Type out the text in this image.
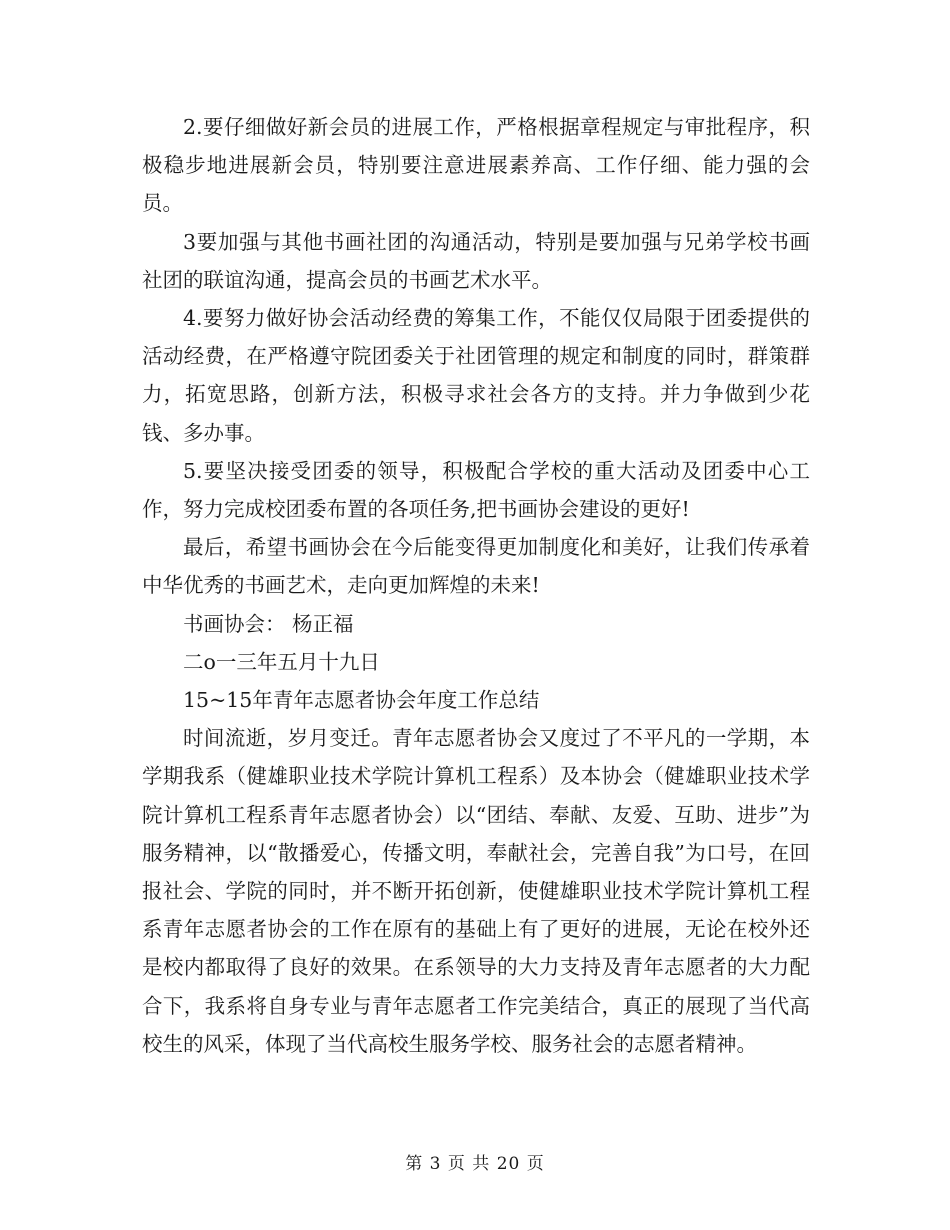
2.要仔细做好新会员的进展工作，严格根据章程规定与审批程序，积极稳步地进展新会员，特别要注意进展素养高、工作仔细、能力强的会员。

3要加强与其他书画社团的沟通活动，特别是要加强与兄弟学校书画社团的联谊沟通，提高会员的书画艺术水平。

4.要努力做好协会活动经费的筹集工作，不能仅仅局限于团委提供的活动经费，在严格遵守院团委关于社团管理的规定和制度的同时，群策群力，拓宽思路，创新方法，积极寻求社会各方的支持。并力争做到少花钱、多办事。

5.要坚决接受团委的领导，积极配合学校的重大活动及团委中心工作，努力完成校团委布置的各项任务,把书画协会建设的更好!

最后，希望书画协会在今后能变得更加制度化和美好，让我们传承着中华优秀的书画艺术，走向更加辉煌的未来!

书画协会： 杨正福

二o一三年五月十九日

15~15年青年志愿者协会年度工作总结

时间流逝，岁月变迁。青年志愿者协会又度过了不平凡的一学期，本学期我系（健雄职业技术学院计算机工程系）及本协会（健雄职业技术学院计算机工程系青年志愿者协会）以“团结、奉献、友爱、互助、进步”为服务精神，以“散播爱心，传播文明，奉献社会，完善自我”为口号，在回报社会、学院的同时，并不断开拓创新，使健雄职业技术学院计算机工程系青年志愿者协会的工作在原有的基础上有了更好的进展，无论在校外还是校内都取得了良好的效果。在系领导的大力支持及青年志愿者的大力配合下，我系将自身专业与青年志愿者工作完美结合，真正的展现了当代高校生的风采，体现了当代高校生服务学校、服务社会的志愿者精神。

第 3 页 共 20 页
